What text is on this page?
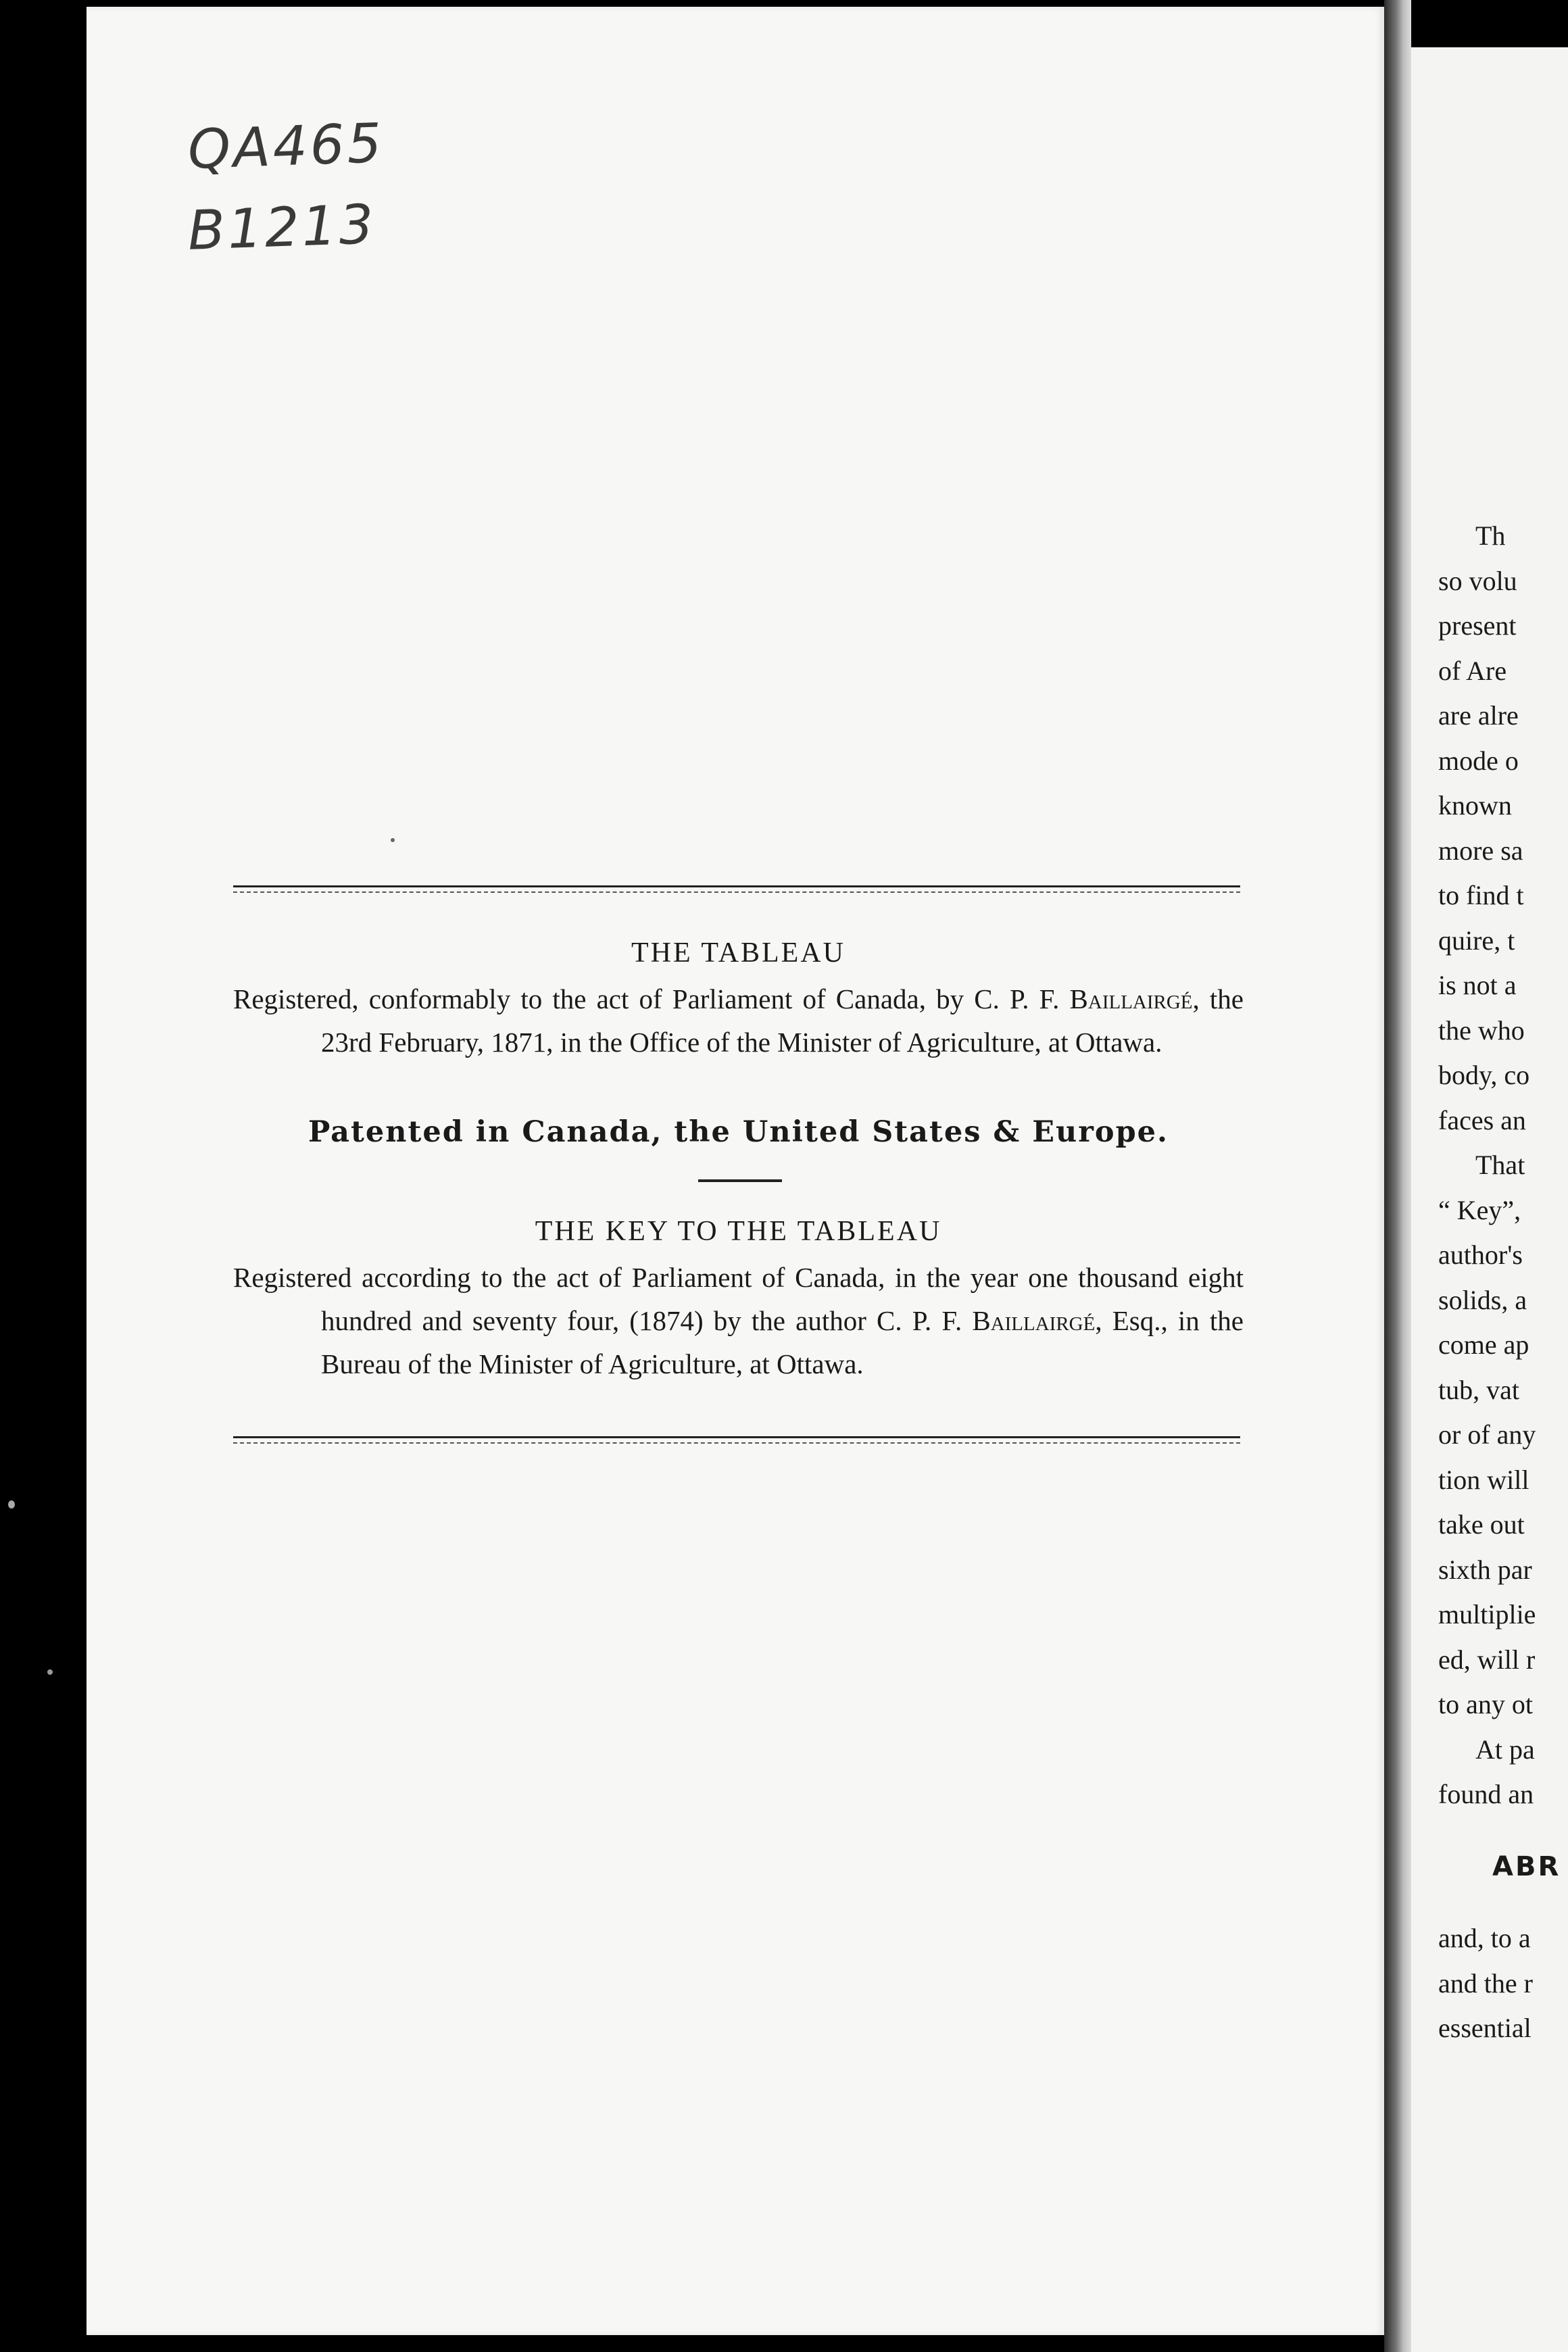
QA465
B1213

THE TABLEAU

Registered, conformably to the act of Parliament of Canada, by C. P. F. Baillairgé, the 23rd February, 1871, in the Office of the Minister of Agriculture, at Ottawa.

Patented in Canada, the United States & Europe.

THE KEY TO THE TABLEAU

Registered according to the act of Parliament of Canada, in the year one thousand eight hundred and seventy four, (1874) by the author C. P. F. Baillairgé, Esq., in the Bureau of the Minister of Agriculture, at Ottawa.

Th
so volu
present
of Are
are alre
mode o
known
more sa
to find t
quire, t
is not a
the who
body, co
faces an
That
“ Key”,
author's
solids, a
come ap
tub, vat
or of any
tion will
take out
sixth par
multiplie
ed, will r
to any ot
At pa
found an
ABR
and, to a
and the r
essential
